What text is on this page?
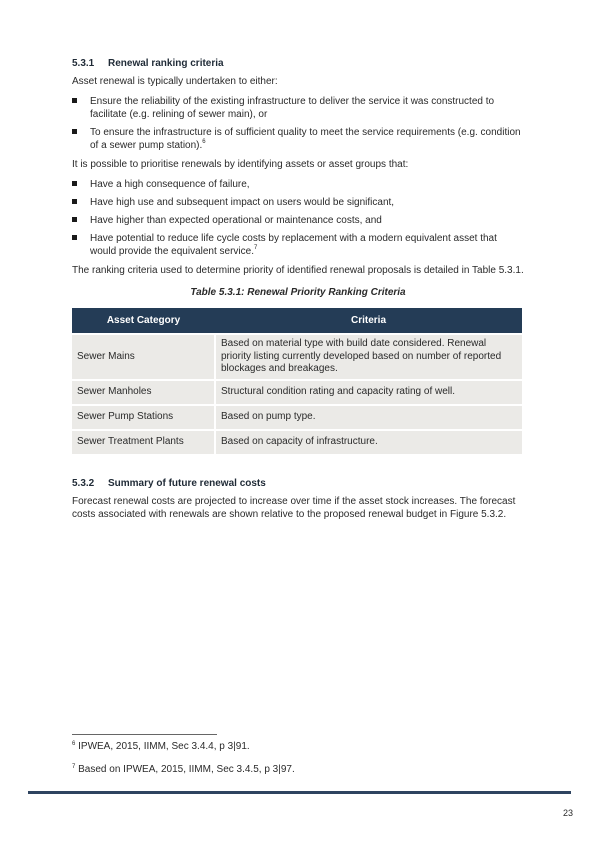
5.3.1 Renewal ranking criteria

Asset renewal is typically undertaken to either:

Ensure the reliability of the existing infrastructure to deliver the service it was constructed to facilitate (e.g. relining of sewer main), or
To ensure the infrastructure is of sufficient quality to meet the service requirements (e.g. condition of a sewer pump station).$^6$

It is possible to prioritise renewals by identifying assets or asset groups that:

Have a high consequence of failure,
Have high use and subsequent impact on users would be significant,
Have higher than expected operational or maintenance costs, and
Have potential to reduce life cycle costs by replacement with a modern equivalent asset that would provide the equivalent service.$^7$

The ranking criteria used to determine priority of identified renewal proposals is detailed in Table 5.3.1.

Table 5.3.1: Renewal Priority Ranking Criteria
Asset Category	Criteria
Sewer Mains	Based on material type with build date considered. Renewal priority listing currently developed based on number of reported blockages and breakages.
Sewer Manholes	Structural condition rating and capacity rating of well.
Sewer Pump Stations	Based on pump type.
Sewer Treatment Plants	Based on capacity of infrastructure.
5.3.2 Summary of future renewal costs

Forecast renewal costs are projected to increase over time if the asset stock increases. The forecast costs associated with renewals are shown relative to the proposed renewal budget in Figure 5.3.2.

$^6$ IPWEA, 2015, IIMM, Sec 3.4.4, p 3|91.
$^7$ Based on IPWEA, 2015, IIMM, Sec 3.4.5, p 3|97.
23
